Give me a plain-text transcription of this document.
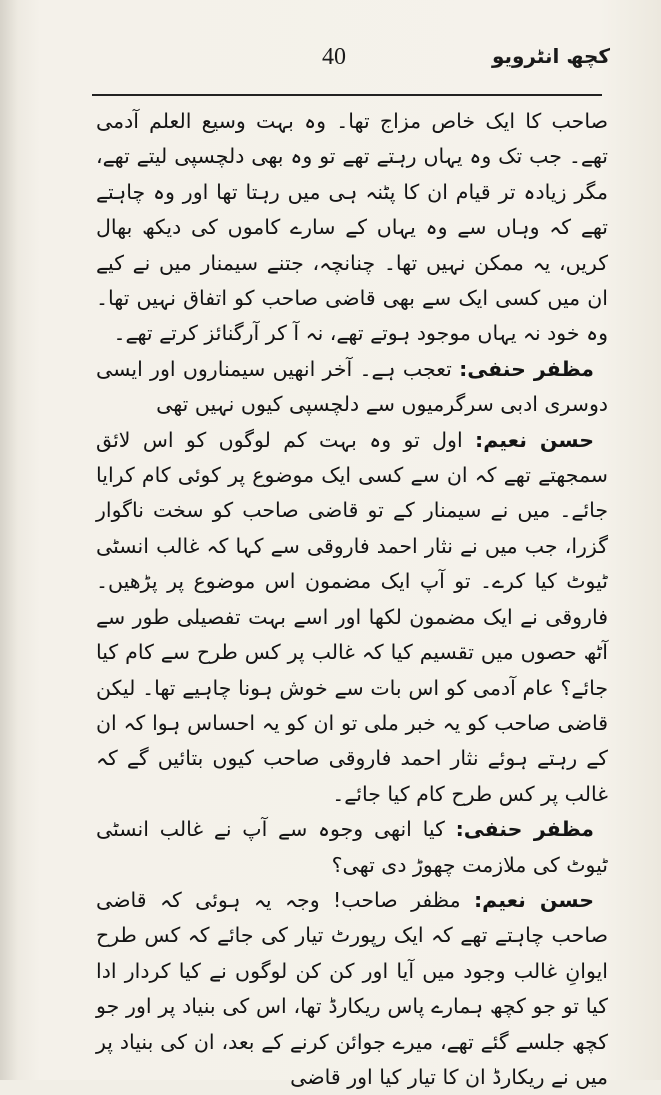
40	کچھ انٹرویو

صاحب کا ایک خاص مزاج تھا۔ وہ بہت وسیع العلم آدمی تھے۔ جب تک وہ یہاں رہتے تھے تو وہ بھی دلچسپی لیتے تھے، مگر زیادہ تر قیام ان کا پٹنہ ہی میں رہتا تھا اور وہ چاہتے تھے کہ وہاں سے وہ یہاں کے سارے کاموں کی دیکھ بھال کریں، یہ ممکن نہیں تھا۔ چنانچہ، جتنے سیمنار میں نے کیے ان میں کسی ایک سے بھی قاضی صاحب کو اتفاق نہیں تھا۔ وہ خود نہ یہاں موجود ہوتے تھے، نہ آ کر آرگنائز کرتے تھے۔

مظفر حنفی: تعجب ہے۔ آخر انھیں سیمناروں اور ایسی دوسری ادبی سرگرمیوں سے دلچسپی کیوں نہیں تھی

حسن نعیم: اول تو وہ بہت کم لوگوں کو اس لائق سمجھتے تھے کہ ان سے کسی ایک موضوع پر کوئی کام کرایا جائے۔ میں نے سیمنار کے تو قاضی صاحب کو سخت ناگوار گزرا، جب میں نے نثار احمد فاروقی سے کہا کہ غالب انسٹی ٹیوٹ کیا کرے۔ تو آپ ایک مضمون اس موضوع پر پڑھیں۔ فاروقی نے ایک مضمون لکھا اور اسے بہت تفصیلی طور سے آٹھ حصوں میں تقسیم کیا کہ غالب پر کس طرح سے کام کیا جائے؟ عام آدمی کو اس بات سے خوش ہونا چاہیے تھا۔ لیکن قاضی صاحب کو یہ خبر ملی تو ان کو یہ احساس ہوا کہ ان کے رہتے ہوئے نثار احمد فاروقی صاحب کیوں بتائیں گے کہ غالب پر کس طرح کام کیا جائے۔

مظفر حنفی: کیا انھی وجوہ سے آپ نے غالب انسٹی ٹیوٹ کی ملازمت چھوڑ دی تھی؟

حسن نعیم: مظفر صاحب! وجہ یہ ہوئی کہ قاضی صاحب چاہتے تھے کہ ایک رپورٹ تیار کی جائے کہ کس طرح ایوانِ غالب وجود میں آیا اور کن کن لوگوں نے کیا کردار ادا کیا تو جو کچھ ہمارے پاس ریکارڈ تھا، اس کی بنیاد پر اور جو کچھ جلسے گئے تھے، میرے جوائن کرنے کے بعد، ان کی بنیاد پر میں نے ریکارڈ ان کا تیار کیا اور قاضی
